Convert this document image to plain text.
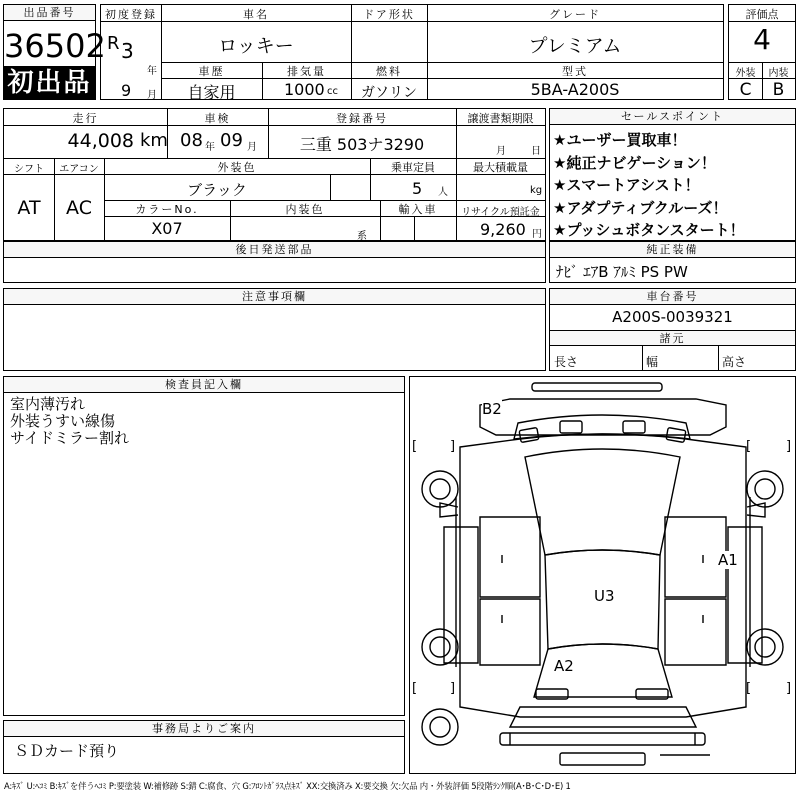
出品番号
36502
初出品
初度登録
R 3
年
9 月
車名
ロッキー
ドア形状	グレード
プレミアム
車歴
自家用
排気量
1000 cc
燃料
ガソリン
型式
5BA-A200S
評価点
4
外装	内装
C	B
走行
44,008 km
車検
08 年 09 月
登録番号
三重 503ナ3290
譲渡書類期限
月	日
シフト	エアコン
AT	AC
外装色
ブラック
乗車定員
5 人
最大積載量
kg
カラーNo.
X07
内装色
系
輸入車	リサイクル預託金
9,260 円
セールスポイント
★ユーザー買取車！
★純正ナビゲーション！
★スマートアシスト！
★アダプティブクルーズ！
★プッシュボタンスタート！
後日発送部品	純正装備
ﾅﾋﾞ ｴｱB ｱﾙﾐ PS PW
注意事項欄	車台番号
A200S-0039321
諸元
長さ	幅	高さ
検査員記入欄
室内薄汚れ
外装うすい線傷
サイドミラー割れ
事務局よりご案内
ＳＤカード預り
[	]	[	]
[	]	[	]
B2
A1
U3
A2
A:ｷｽﾞ U:ﾍｺﾐ B:ｷｽﾞを伴うﾍｺﾐ P:要塗装 W:補修跡 S:錆 C:腐食、穴 G:ﾌﾛﾝﾄｶﾞﾗｽ点ｷｽﾞ XX:交換済み X:要交換 欠:欠品 内・外装評価 5段階ﾗﾝｸ順(A･B･C･D･E) 1
